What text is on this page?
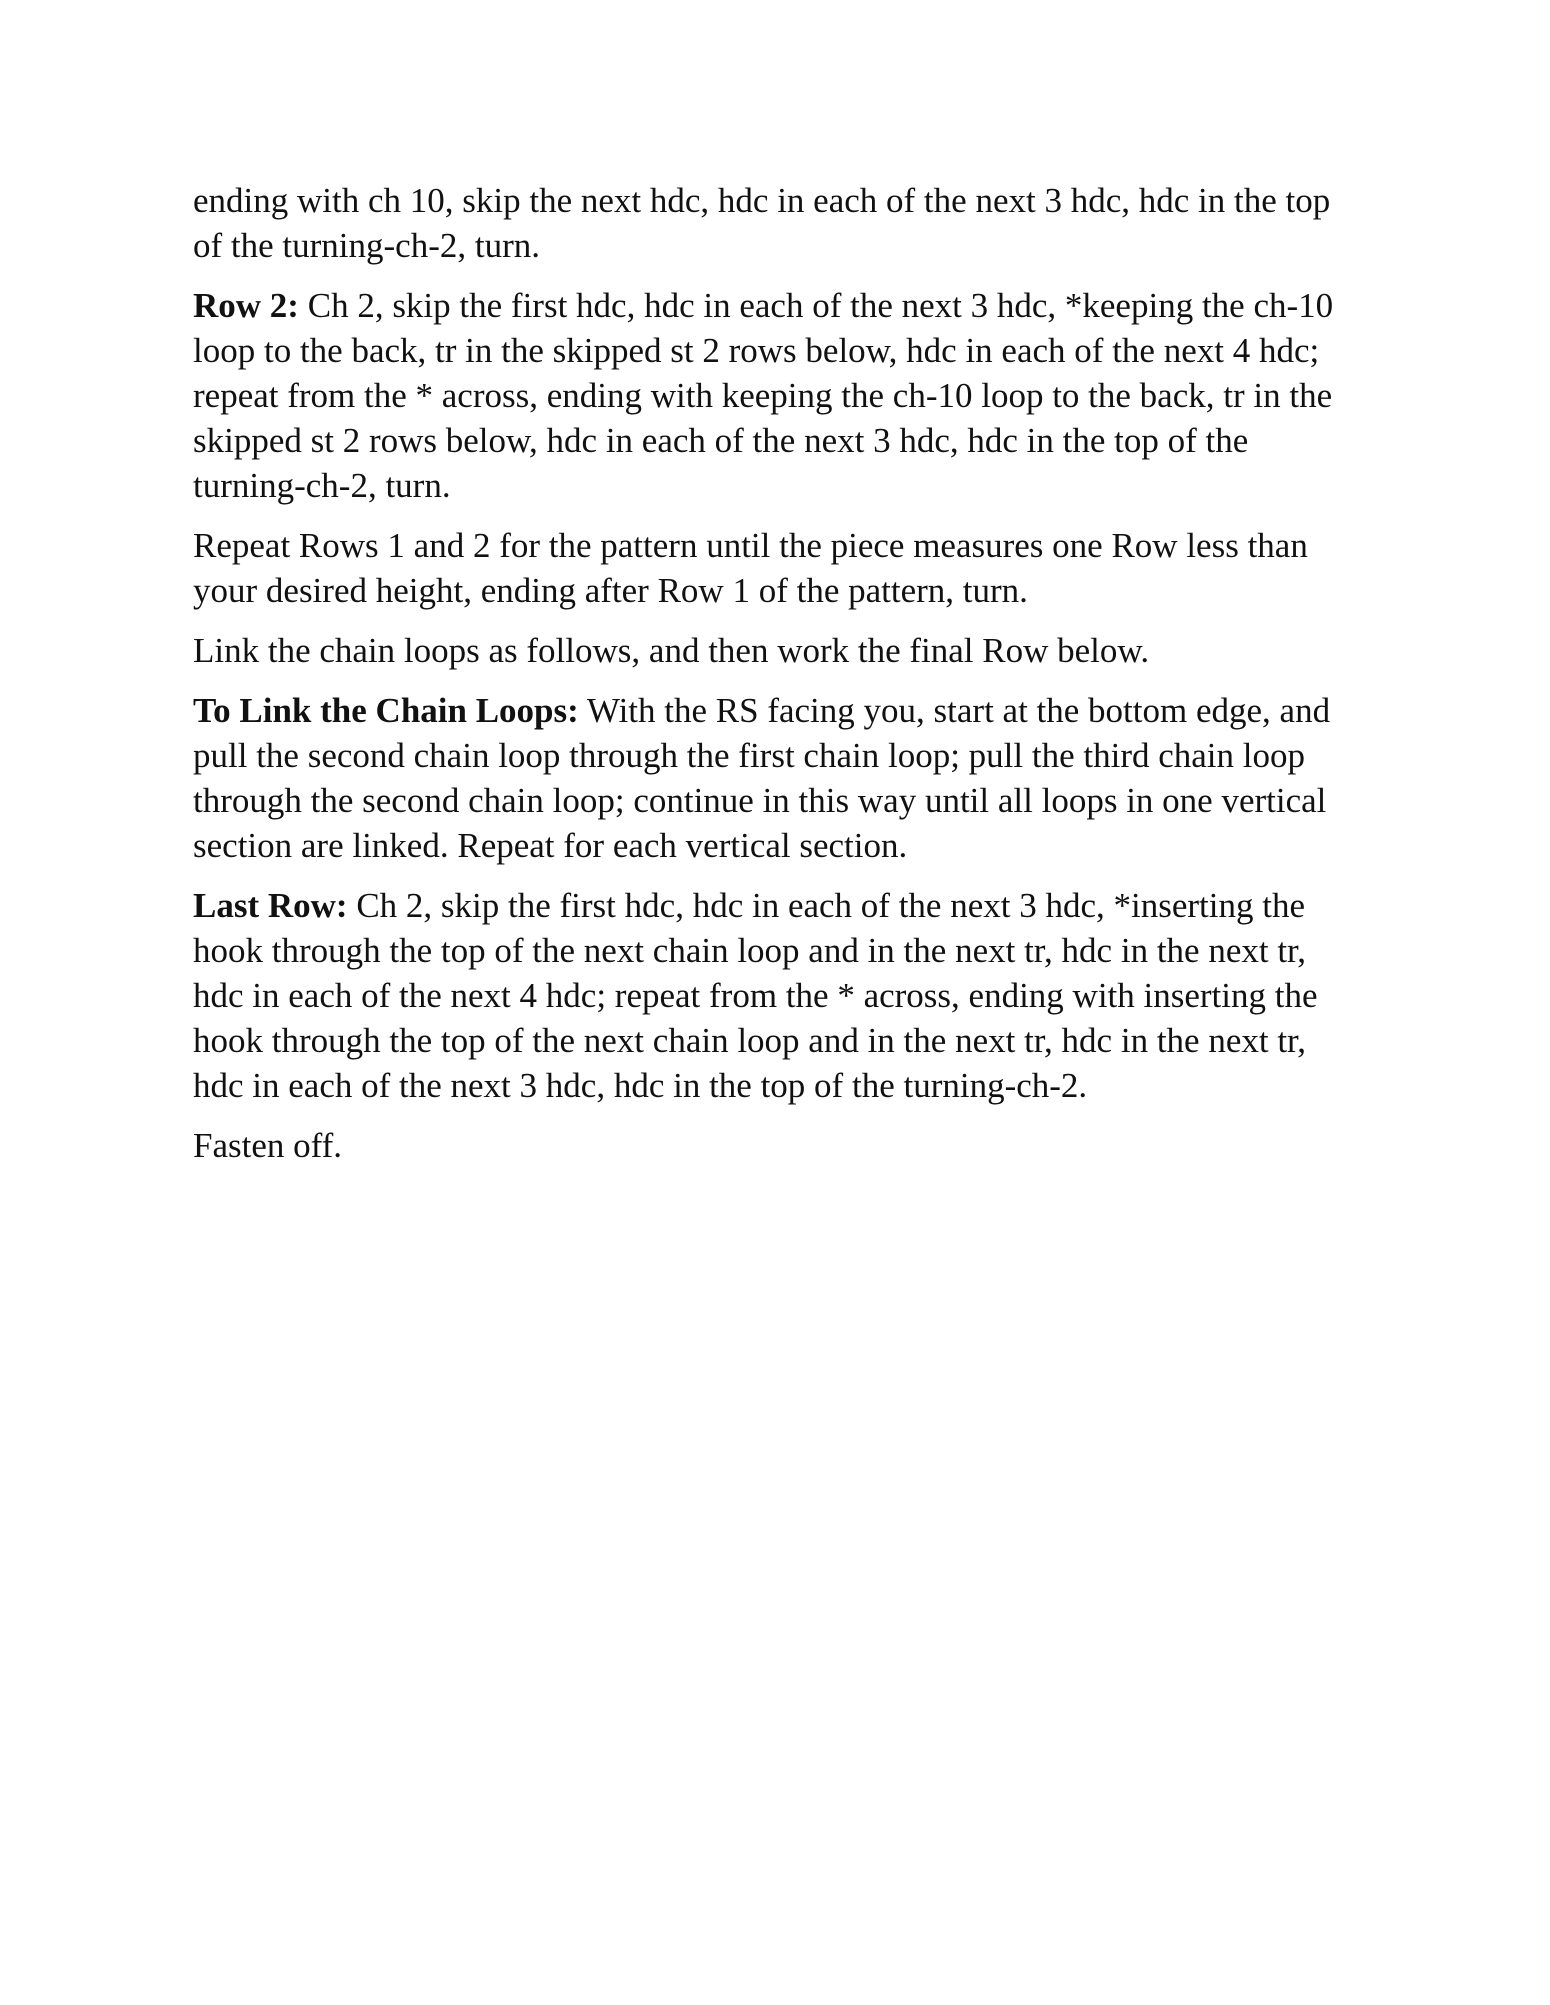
ending with ch 10, skip the next hdc, hdc in each of the next 3 hdc, hdc in the top of the turning-ch-2, turn.

Row 2: Ch 2, skip the first hdc, hdc in each of the next 3 hdc, *keeping the ch-10 loop to the back, tr in the skipped st 2 rows below, hdc in each of the next 4 hdc; repeat from the * across, ending with keeping the ch-10 loop to the back, tr in the skipped st 2 rows below, hdc in each of the next 3 hdc, hdc in the top of the turning-ch-2, turn.

Repeat Rows 1 and 2 for the pattern until the piece measures one Row less than your desired height, ending after Row 1 of the pattern, turn.

Link the chain loops as follows, and then work the final Row below.

To Link the Chain Loops: With the RS facing you, start at the bottom edge, and pull the second chain loop through the first chain loop; pull the third chain loop through the second chain loop; continue in this way until all loops in one vertical section are linked. Repeat for each vertical section.

Last Row: Ch 2, skip the first hdc, hdc in each of the next 3 hdc, *inserting the hook through the top of the next chain loop and in the next tr, hdc in the next tr, hdc in each of the next 4 hdc; repeat from the * across, ending with inserting the hook through the top of the next chain loop and in the next tr, hdc in the next tr, hdc in each of the next 3 hdc, hdc in the top of the turning-ch-2.

Fasten off.
